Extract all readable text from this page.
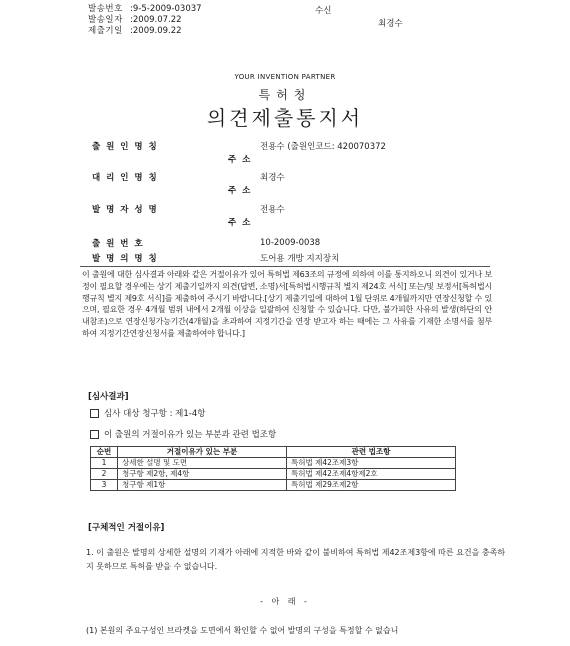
발송번호 : 9-5-2009-03037
발송일자 : 2009.07.22
제출기일 : 2009.09.22
수신
최경수
YOUR INVENTION PARTNER
특허청
의견제출통지서
출  원  인  명  칭	전용수 (출원인코드: 420070372
주  소
대  리  인  명  칭	최경수
주  소
발  명  자  성  명	전용수
주  소
출  원  번  호	10-2009-0038
발  명  의  명  칭	도어용 개방 지지장치
이 출원에 대한 심사결과 아래와 같은 거절이유가 있어 특허법 제63조의 규정에 의하여 이를 통지하오니 의견이 있거나 보정이 필요할 경우에는 상기 제출기일까지 의견(답변, 소명)서[특허법시행규칙 별지 제24호 서식] 또는/및 보정서[특허법시행규칙 별지 제9호 서식]를 제출하여 주시기 바랍니다.[상기 제출기일에 대하여 1월 단위로 4개월까지만 연장신청할 수 있으며, 필요한 경우 4개월 범위 내에서 2개월 이상을 일괄하여 신청할 수 있습니다. 다만, 불가피한 사유의 발생(하단의 안내참조)으로 연장신청가능기간(4개월)을 초과하여 지정기간을 연장 받고자 하는 때에는 그 사유를 기재한 소명서를 첨부하여 지정기간연장신청서를 제출하여야 합니다.]
[심사결과]
심사 대상 청구항 : 제1-4항
이 출원의 거절이유가 있는 부분과 관련 법조항
순번	거절이유가 있는 부분	관련 법조항
1	상세한 설명 및 도면	특허법 제42조제3항
2	청구항 제2항, 제4항	특허법 제42조제4항제2호
3	청구항 제1항	특허법 제29조제2항
[구체적인 거절이유]
1. 이 출원은 발명의 상세한 설명의 기재가 아래에 지적한 바와 같이 불비하여 특허법 제42조제3항에 따른 요건을 충족하지 못하므로 특허를 받을 수 없습니다.
- 아 래 -
(1) 본원의 주요구성인 브라켓을 도면에서 확인할 수 없어 발명의 구성을 특정할 수 없습니
